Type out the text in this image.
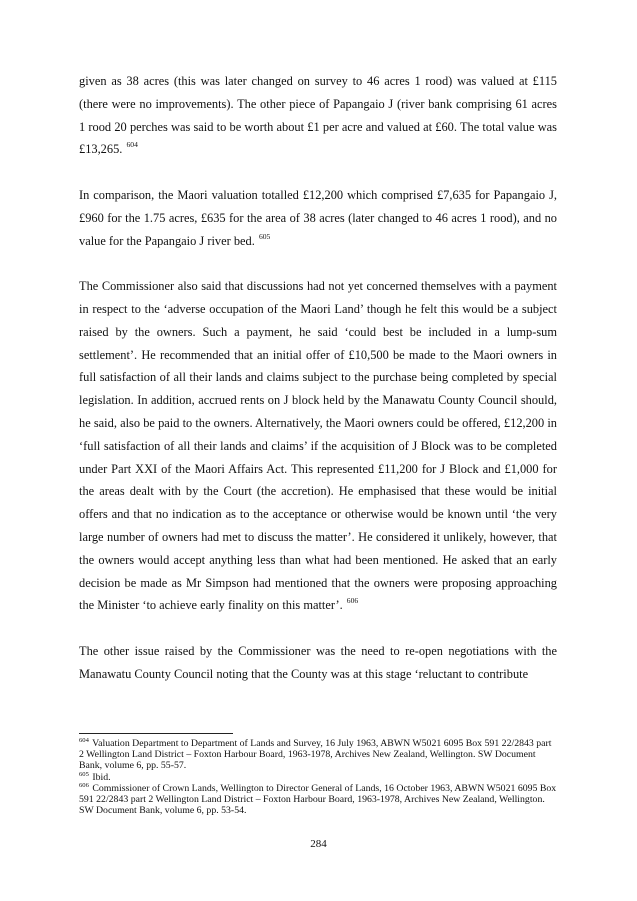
given as 38 acres (this was later changed on survey to 46 acres 1 rood) was valued at £115 (there were no improvements). The other piece of Papangaio J (river bank comprising 61 acres 1 rood 20 perches was said to be worth about £1 per acre and valued at £60. The total value was £13,265. $^{604}$

In comparison, the Maori valuation totalled £12,200 which comprised £7,635 for Papangaio J, £960 for the 1.75 acres, £635 for the area of 38 acres (later changed to 46 acres 1 rood), and no value for the Papangaio J river bed. $^{605}$

The Commissioner also said that discussions had not yet concerned themselves with a payment in respect to the ‘adverse occupation of the Maori Land’ though he felt this would be a subject raised by the owners. Such a payment, he said ‘could best be included in a lump-sum settlement’. He recommended that an initial offer of £10,500 be made to the Maori owners in full satisfaction of all their lands and claims subject to the purchase being completed by special legislation. In addition, accrued rents on J block held by the Manawatu County Council should, he said, also be paid to the owners. Alternatively, the Maori owners could be offered, £12,200 in ‘full satisfaction of all their lands and claims’ if the acquisition of J Block was to be completed under Part XXI of the Maori Affairs Act. This represented £11,200 for J Block and £1,000 for the areas dealt with by the Court (the accretion). He emphasised that these would be initial offers and that no indication as to the acceptance or otherwise would be known until ‘the very large number of owners had met to discuss the matter’. He considered it unlikely, however, that the owners would accept anything less than what had been mentioned. He asked that an early decision be made as Mr Simpson had mentioned that the owners were proposing approaching the Minister ‘to achieve early finality on this matter’. $^{606}$

The other issue raised by the Commissioner was the need to re-open negotiations with the Manawatu County Council noting that the County was at this stage ‘reluctant to contribute

$^{604}$ Valuation Department to Department of Lands and Survey, 16 July 1963, ABWN W5021 6095 Box 591 22/2843 part 2 Wellington Land District – Foxton Harbour Board, 1963-1978, Archives New Zealand, Wellington. SW Document Bank, volume 6, pp. 55-57.

$^{605}$ Ibid.

$^{606}$ Commissioner of Crown Lands, Wellington to Director General of Lands, 16 October 1963, ABWN W5021 6095 Box 591 22/2843 part 2 Wellington Land District – Foxton Harbour Board, 1963-1978, Archives New Zealand, Wellington. SW Document Bank, volume 6, pp. 53-54.

284
